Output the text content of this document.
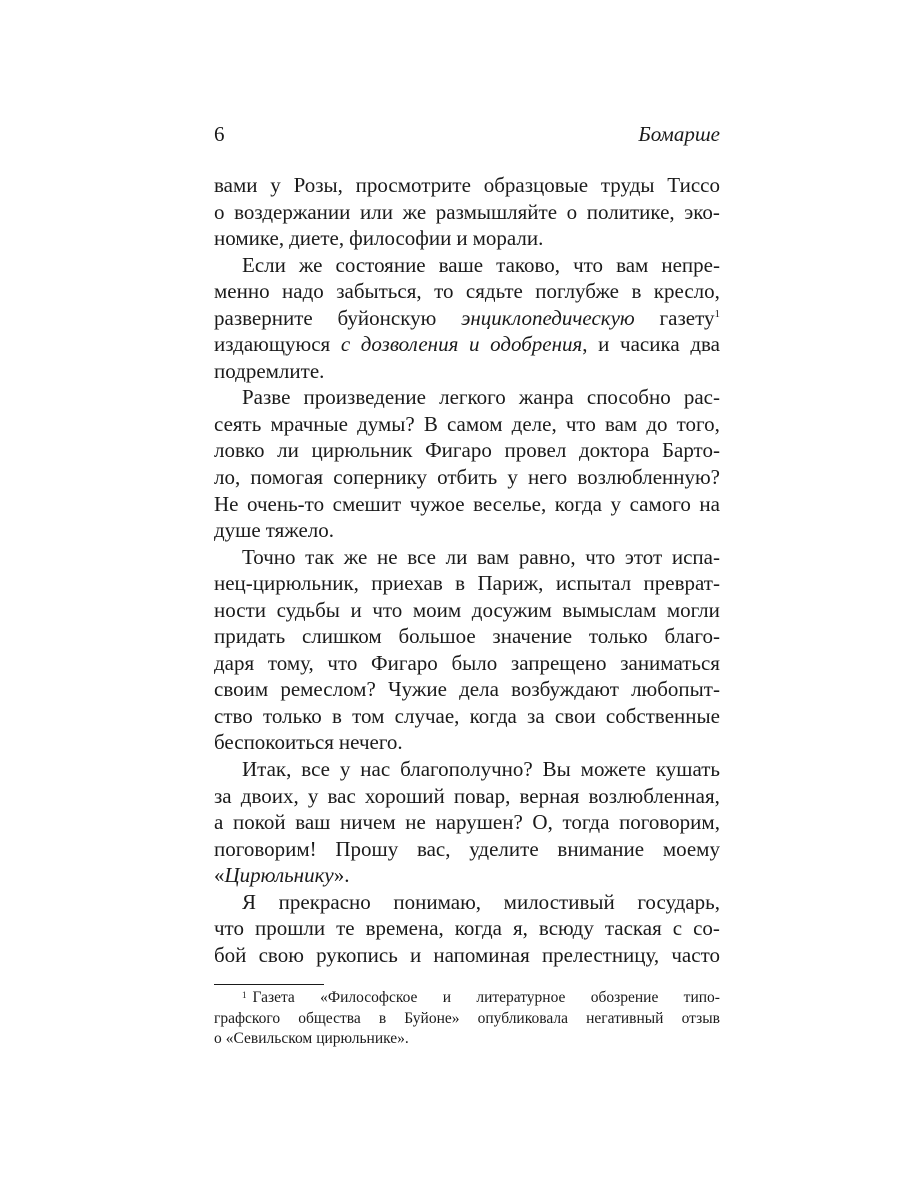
6	Бомарше
вами у Розы, просмотрите образцовые труды Тиссо
о воздержании или же размышляйте о политике, эко-
номике, диете, философии и морали.
Если же состояние ваше таково, что вам непре-
менно надо забыться, то сядьте поглубже в кресло,
разверните буйонскую энциклопедическую газету$^1$
издающуюся с дозволения и одобрения, и часика два
подремлите.
Разве произведение легкого жанра способно рас-
сеять мрачные думы? В самом деле, что вам до того,
ловко ли цирюльник Фигаро провел доктора Барто-
ло, помогая сопернику отбить у него возлюбленную?
Не очень-то смешит чужое веселье, когда у самого на
душе тяжело.
Точно так же не все ли вам равно, что этот испа-
нец-цирюльник, приехав в Париж, испытал преврат-
ности судьбы и что моим досужим вымыслам могли
придать слишком большое значение только благо-
даря тому, что Фигаро было запрещено заниматься
своим ремеслом? Чужие дела возбуждают любопыт-
ство только в том случае, когда за свои собственные
беспокоиться нечего.
Итак, все у нас благополучно? Вы можете кушать
за двоих, у вас хороший повар, верная возлюбленная,
а покой ваш ничем не нарушен? О, тогда поговорим,
поговорим! Прошу вас, уделите внимание моему
«Цирюльнику».
Я прекрасно понимаю, милостивый государь,
что прошли те времена, когда я, всюду таская с со-
бой свою рукопись и напоминая прелестницу, часто
$^1$ Газета «Философское и литературное обозрение типо-
графского общества в Буйоне» опубликовала негативный отзыв
о «Севильском цирюльнике».
